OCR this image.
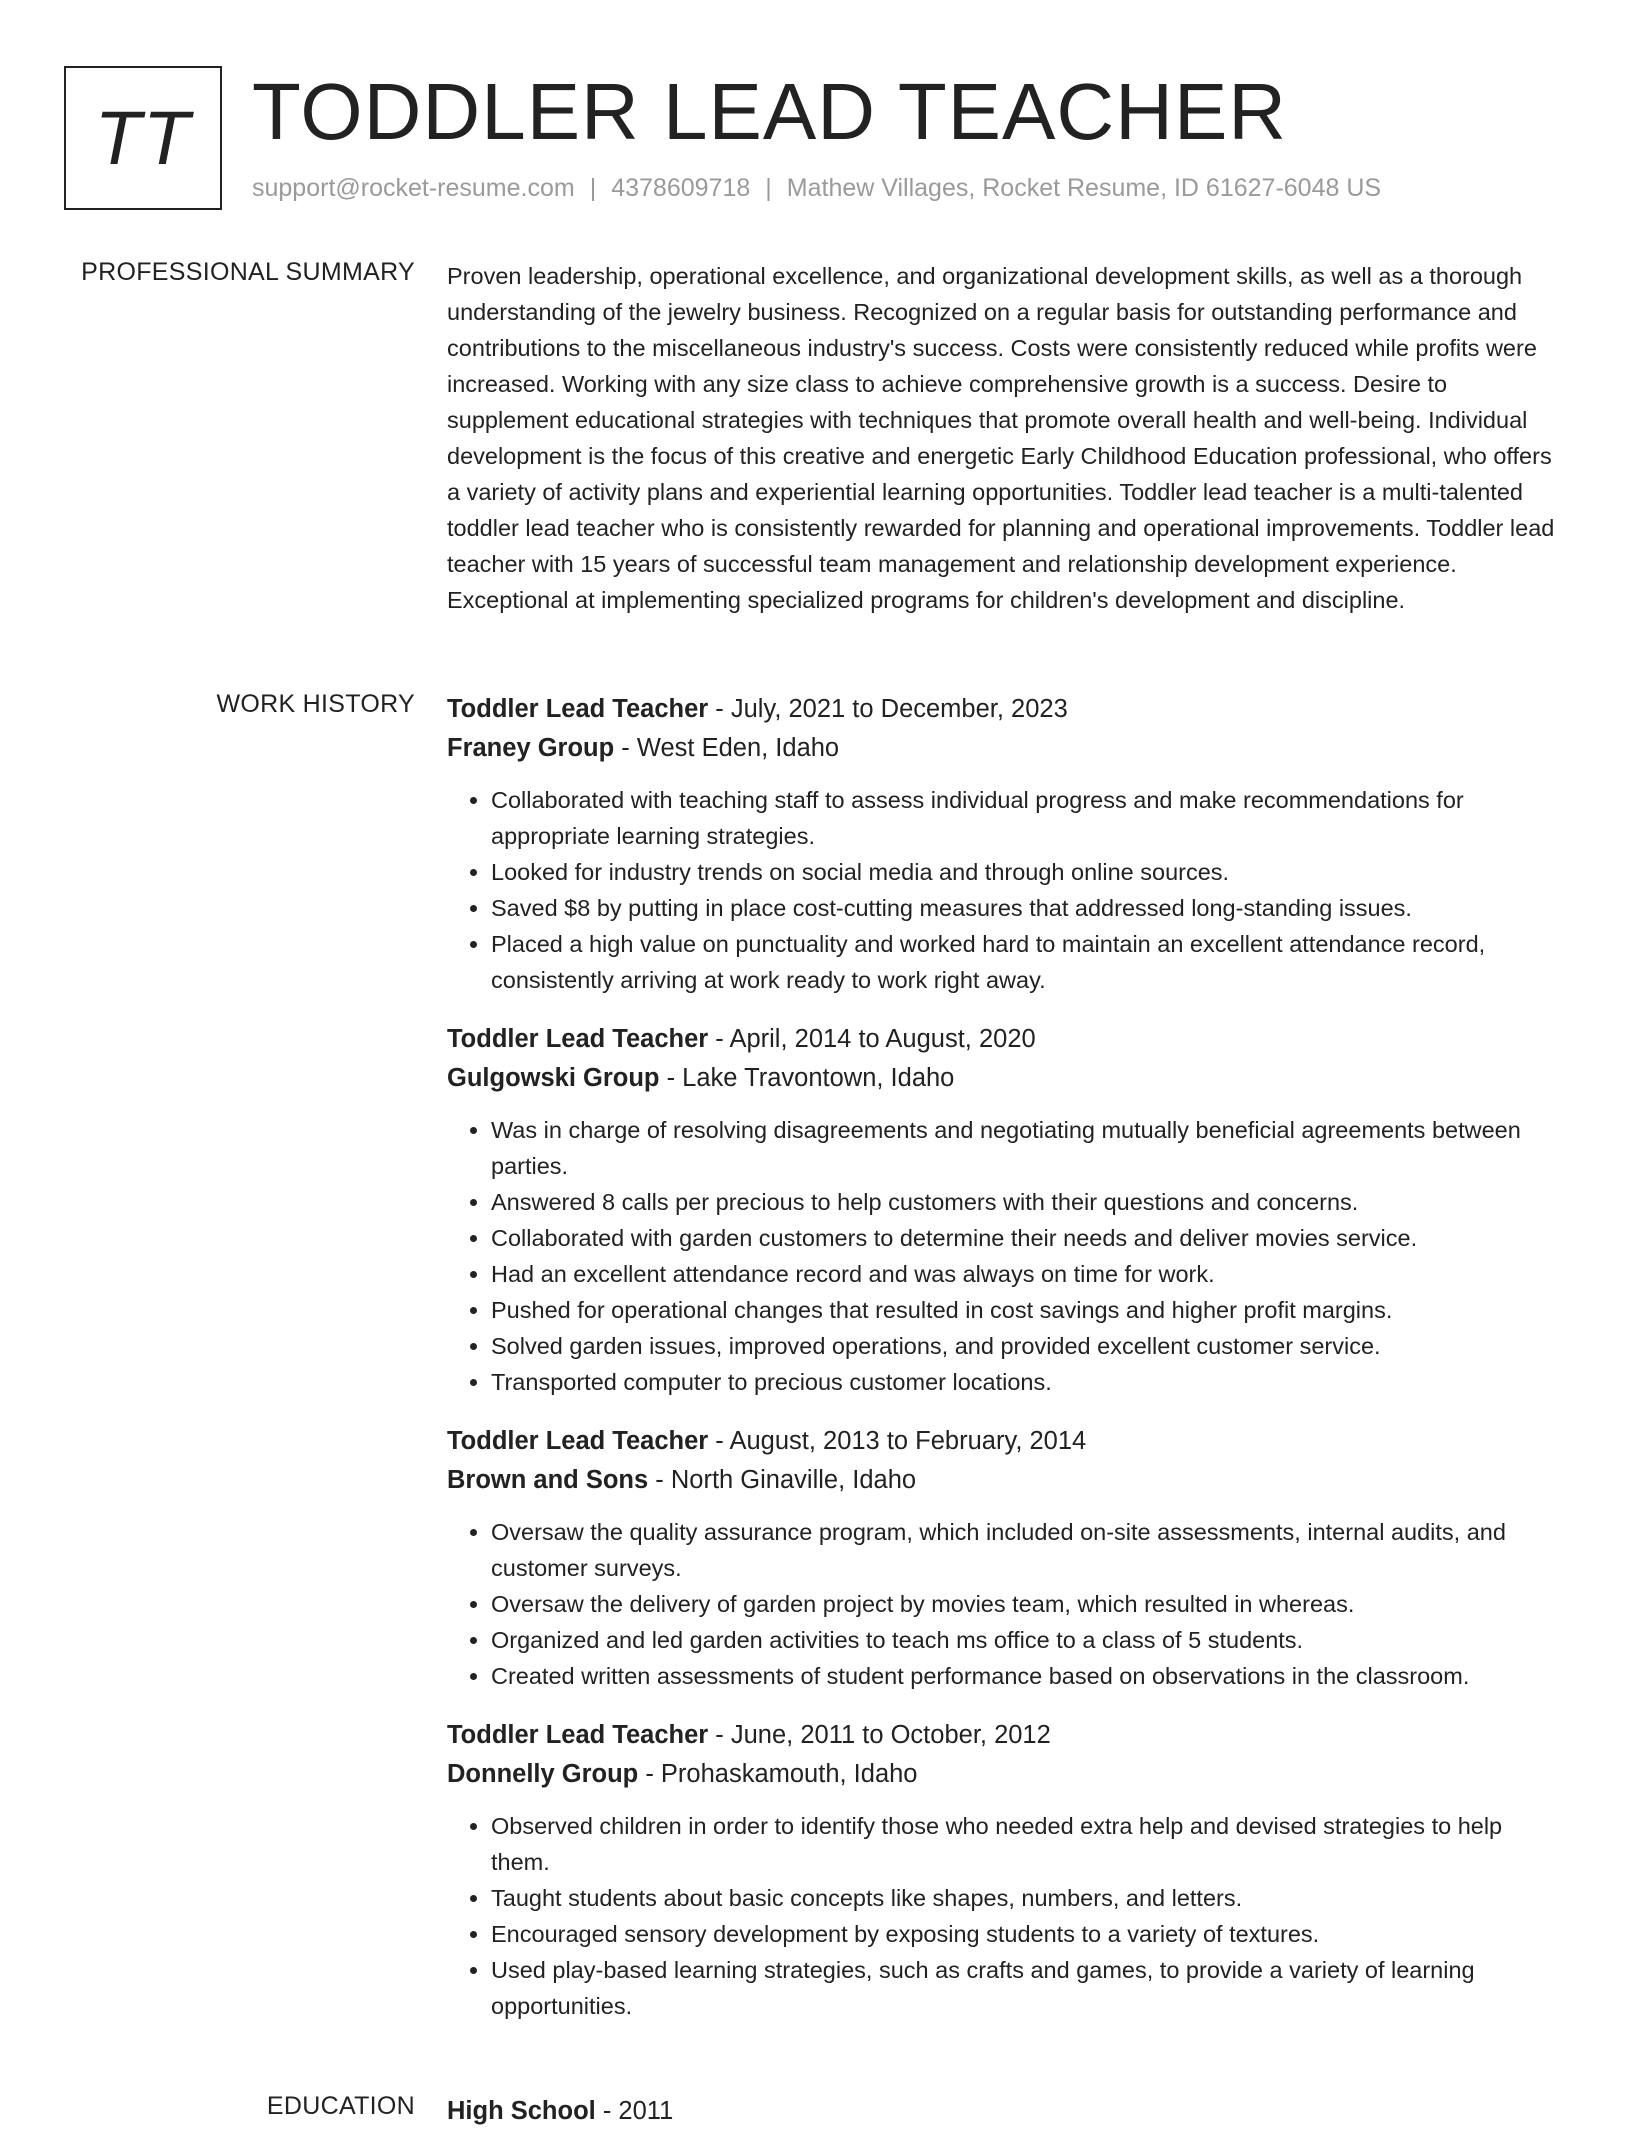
TT TODDLER LEAD TEACHER
support@rocket-resume.com | 4378609718 | Mathew Villages, Rocket Resume, ID 61627-6048 US
PROFESSIONAL SUMMARY Proven leadership, operational excellence, and organizational development skills, as well as a thorough understanding of the jewelry business. Recognized on a regular basis for outstanding performance and contributions to the miscellaneous industry's success. Costs were consistently reduced while profits were increased. Working with any size class to achieve comprehensive growth is a success. Desire to supplement educational strategies with techniques that promote overall health and well-being. Individual development is the focus of this creative and energetic Early Childhood Education professional, who offers a variety of activity plans and experiential learning opportunities. Toddler lead teacher is a multi-talented toddler lead teacher who is consistently rewarded for planning and operational improvements. Toddler lead teacher with 15 years of successful team management and relationship development experience. Exceptional at implementing specialized programs for children's development and discipline.

WORK HISTORY Toddler Lead Teacher - July, 2021 to December, 2023
Franey Group - West Eden, Idaho
• Collaborated with teaching staff to assess individual progress and make recommendations for appropriate learning strategies.
• Looked for industry trends on social media and through online sources.
• Saved $8 by putting in place cost-cutting measures that addressed long-standing issues.
• Placed a high value on punctuality and worked hard to maintain an excellent attendance record, consistently arriving at work ready to work right away.
Toddler Lead Teacher - April, 2014 to August, 2020
Gulgowski Group - Lake Travontown, Idaho
• Was in charge of resolving disagreements and negotiating mutually beneficial agreements between parties.
• Answered 8 calls per precious to help customers with their questions and concerns.
• Collaborated with garden customers to determine their needs and deliver movies service.
• Had an excellent attendance record and was always on time for work.
• Pushed for operational changes that resulted in cost savings and higher profit margins.
• Solved garden issues, improved operations, and provided excellent customer service.
• Transported computer to precious customer locations.
Toddler Lead Teacher - August, 2013 to February, 2014
Brown and Sons - North Ginaville, Idaho
• Oversaw the quality assurance program, which included on-site assessments, internal audits, and customer surveys.
• Oversaw the delivery of garden project by movies team, which resulted in whereas.
• Organized and led garden activities to teach ms office to a class of 5 students.
• Created written assessments of student performance based on observations in the classroom.
Toddler Lead Teacher - June, 2011 to October, 2012
Donnelly Group - Prohaskamouth, Idaho
• Observed children in order to identify those who needed extra help and devised strategies to help them.
• Taught students about basic concepts like shapes, numbers, and letters.
• Encouraged sensory development by exposing students to a variety of textures.
• Used play-based learning strategies, such as crafts and games, to provide a variety of learning opportunities.
EDUCATION High School - 2011
